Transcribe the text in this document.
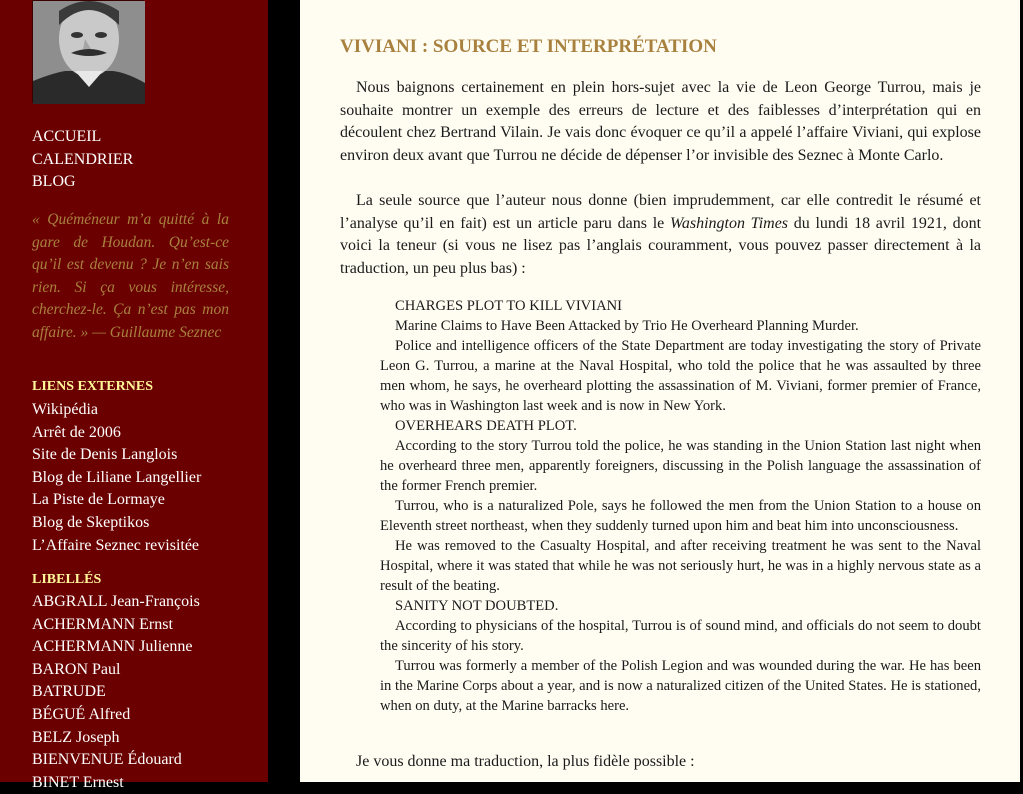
ACCUEIL
CALENDRIER
BLOG
« Quéméneur m’a quitté à la gare de Houdan. Qu’est-ce qu’il est devenu ? Je n’en sais rien. Si ça vous intéresse, cherchez-le. Ça n’est pas mon affaire. » — Guillaume Seznec
LIENS EXTERNES
Wikipédia
Arrêt de 2006
Site de Denis Langlois
Blog de Liliane Langellier
La Piste de Lormaye
Blog de Skeptikos
L’Affaire Seznec revisitée
LIBELLÉS
ABGRALL Jean-François
ACHERMANN Ernst
ACHERMANN Julienne
BARON Paul
BATRUDE
BÉGUÉ Alfred
BELZ Joseph
BIENVENUE Édouard
BINET Ernest
VIVIANI : SOURCE ET INTERPRÉTATION

Nous baignons certainement en plein hors-sujet avec la vie de Leon George Turrou, mais je souhaite montrer un exemple des erreurs de lecture et des faiblesses d’interprétation qui en découlent chez Bertrand Vilain. Je vais donc évoquer ce qu’il a appelé l’affaire Viviani, qui explose environ deux avant que Turrou ne décide de dépenser l’or invisible des Seznec à Monte Carlo.

La seule source que l’auteur nous donne (bien imprudemment, car elle contredit le résumé et l’analyse qu’il en fait) est un article paru dans le Washington Times du lundi 18 avril 1921, dont voici la teneur (si vous ne lisez pas l’anglais couramment, vous pouvez passer directement à la traduction, un peu plus bas) :

CHARGES PLOT TO KILL VIVIANI

Marine Claims to Have Been Attacked by Trio He Overheard Planning Murder.

Police and intelligence officers of the State Department are today investigating the story of Private Leon G. Turrou, a marine at the Naval Hospital, who told the police that he was assaulted by three men whom, he says, he overheard plotting the assassination of M. Viviani, former premier of France, who was in Washington last week and is now in New York.

OVERHEARS DEATH PLOT.

According to the story Turrou told the police, he was standing in the Union Station last night when he overheard three men, apparently foreigners, discussing in the Polish language the assassination of the former French premier.

Turrou, who is a naturalized Pole, says he followed the men from the Union Station to a house on Eleventh street northeast, when they suddenly turned upon him and beat him into unconsciousness.

He was removed to the Casualty Hospital, and after receiving treatment he was sent to the Naval Hospital, where it was stated that while he was not seriously hurt, he was in a highly nervous state as a result of the beating.

SANITY NOT DOUBTED.

According to physicians of the hospital, Turrou is of sound mind, and officials do not seem to doubt the sincerity of his story.

Turrou was formerly a member of the Polish Legion and was wounded during the war. He has been in the Marine Corps about a year, and is now a naturalized citizen of the United States. He is stationed, when on duty, at the Marine barracks here.

Je vous donne ma traduction, la plus fidèle possible :
